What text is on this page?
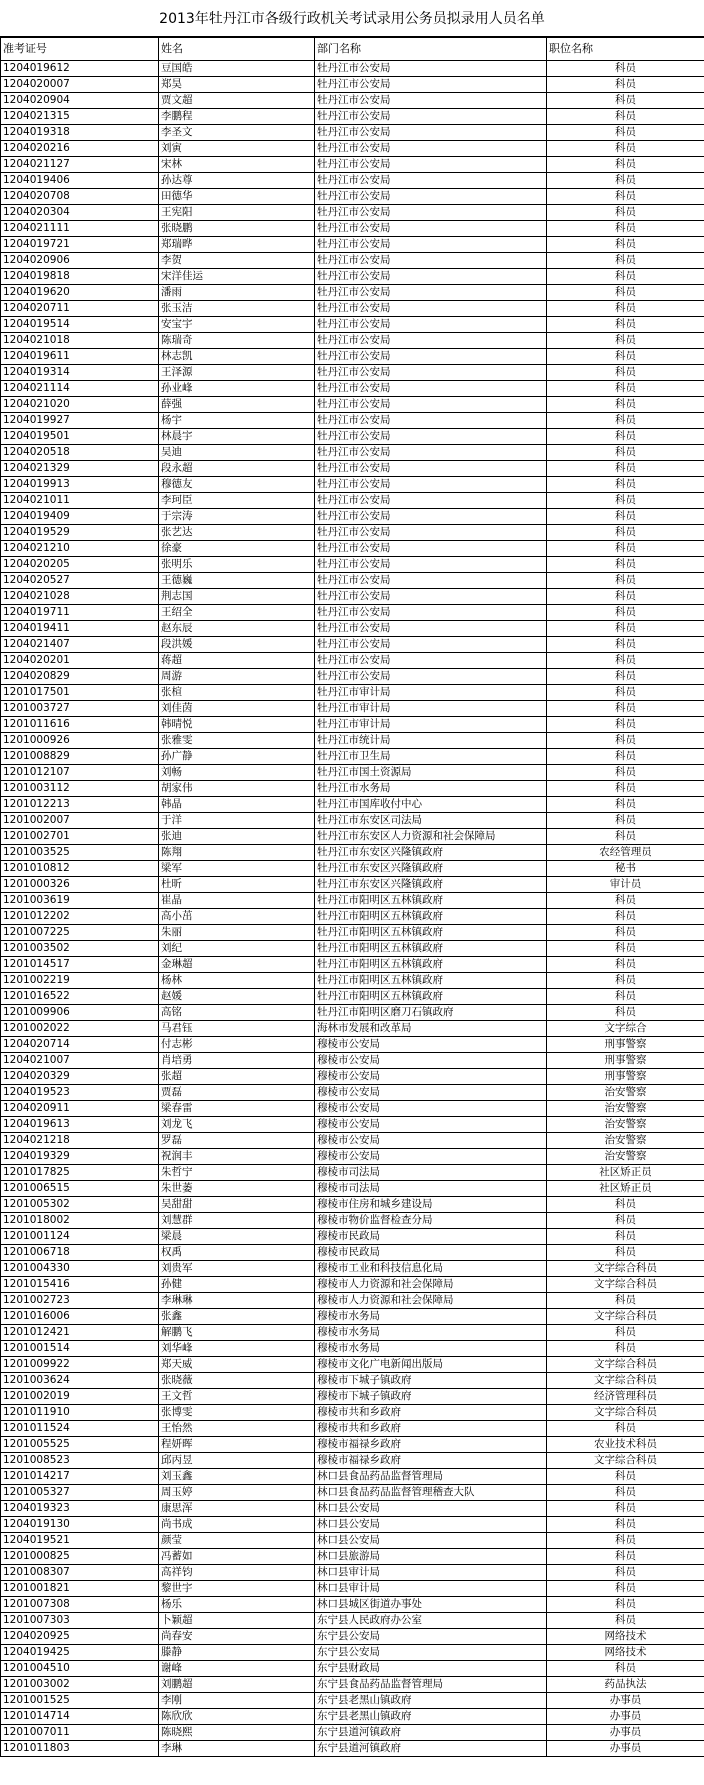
2013年牡丹江市各级行政机关考试录用公务员拟录用人员名单
准考证号	姓名	部门名称	职位名称
1204019612	豆国皓	牡丹江市公安局	科员
1204020007	郑昊	牡丹江市公安局	科员
1204020904	贾文超	牡丹江市公安局	科员
1204021315	李鹏程	牡丹江市公安局	科员
1204019318	李圣文	牡丹江市公安局	科员
1204020216	刘寅	牡丹江市公安局	科员
1204021127	宋林	牡丹江市公安局	科员
1204019406	孙达尊	牡丹江市公安局	科员
1204020708	田德华	牡丹江市公安局	科员
1204020304	王宪阳	牡丹江市公安局	科员
1204021111	张晓鹏	牡丹江市公安局	科员
1204019721	郑瑞晔	牡丹江市公安局	科员
1204020906	李贺	牡丹江市公安局	科员
1204019818	宋洋佳运	牡丹江市公安局	科员
1204019620	潘雨	牡丹江市公安局	科员
1204020711	张玉洁	牡丹江市公安局	科员
1204019514	安宝宇	牡丹江市公安局	科员
1204021018	陈瑞奇	牡丹江市公安局	科员
1204019611	林志凯	牡丹江市公安局	科员
1204019314	王泽源	牡丹江市公安局	科员
1204021114	孙业峰	牡丹江市公安局	科员
1204021020	薛强	牡丹江市公安局	科员
1204019927	杨宇	牡丹江市公安局	科员
1204019501	林晨宇	牡丹江市公安局	科员
1204020518	吴迪	牡丹江市公安局	科员
1204021329	段永超	牡丹江市公安局	科员
1204019913	穆德友	牡丹江市公安局	科员
1204021011	李珂臣	牡丹江市公安局	科员
1204019409	于宗涛	牡丹江市公安局	科员
1204019529	张艺达	牡丹江市公安局	科员
1204021210	徐豪	牡丹江市公安局	科员
1204020205	张明乐	牡丹江市公安局	科员
1204020527	王德巍	牡丹江市公安局	科员
1204021028	荆志国	牡丹江市公安局	科员
1204019711	王绍全	牡丹江市公安局	科员
1204019411	赵东辰	牡丹江市公安局	科员
1204021407	段洪媛	牡丹江市公安局	科员
1204020201	蒋超	牡丹江市公安局	科员
1204020829	周游	牡丹江市公安局	科员
1201017501	张楦	牡丹江市审计局	科员
1201003727	刘佳茵	牡丹江市审计局	科员
1201011616	韩晴悦	牡丹江市审计局	科员
1201000926	张雅雯	牡丹江市统计局	科员
1201008829	孙广静	牡丹江市卫生局	科员
1201012107	刘畅	牡丹江市国土资源局	科员
1201003112	胡家伟	牡丹江市水务局	科员
1201012213	韩晶	牡丹江市国库收付中心	科员
1201002007	于洋	牡丹江市东安区司法局	科员
1201002701	张迪	牡丹江市东安区人力资源和社会保障局	科员
1201003525	陈翔	牡丹江市东安区兴隆镇政府	农经管理员
1201010812	梁军	牡丹江市东安区兴隆镇政府	秘书
1201000326	杜昕	牡丹江市东安区兴隆镇政府	审计员
1201003619	崔晶	牡丹江市阳明区五林镇政府	科员
1201012202	高小茁	牡丹江市阳明区五林镇政府	科员
1201007225	朱丽	牡丹江市阳明区五林镇政府	科员
1201003502	刘纪	牡丹江市阳明区五林镇政府	科员
1201014517	金琳超	牡丹江市阳明区五林镇政府	科员
1201002219	杨林	牡丹江市阳明区五林镇政府	科员
1201016522	赵媛	牡丹江市阳明区五林镇政府	科员
1201009906	高铭	牡丹江市阳明区磨刀石镇政府	科员
1201002022	马君钰	海林市发展和改革局	文字综合
1204020714	付志彬	穆棱市公安局	刑事警察
1204021007	肖培勇	穆棱市公安局	刑事警察
1204020329	张超	穆棱市公安局	刑事警察
1204019523	贾磊	穆棱市公安局	治安警察
1204020911	梁春雷	穆棱市公安局	治安警察
1204019613	刘龙飞	穆棱市公安局	治安警察
1204021218	罗磊	穆棱市公安局	治安警察
1204019329	祝润丰	穆棱市公安局	治安警察
1201017825	朱哲宁	穆棱市司法局	社区矫正员
1201006515	朱世萎	穆棱市司法局	社区矫正员
1201005302	吴甜甜	穆棱市住房和城乡建设局	科员
1201018002	刘慧群	穆棱市物价监督检查分局	科员
1201001124	梁晨	穆棱市民政局	科员
1201006718	权禹	穆棱市民政局	科员
1201004330	刘贵军	穆棱市工业和科技信息化局	文字综合科员
1201015416	孙健	穆棱市人力资源和社会保障局	文字综合科员
1201002723	李琳琳	穆棱市人力资源和社会保障局	科员
1201016006	张鑫	穆棱市水务局	文字综合科员
1201012421	解鹏飞	穆棱市水务局	科员
1201001514	刘华峰	穆棱市水务局	科员
1201009922	郑天威	穆棱市文化广电新闻出版局	文字综合科员
1201003624	张晓薇	穆棱市下城子镇政府	文字综合科员
1201002019	王文哲	穆棱市下城子镇政府	经济管理科员
1201011910	张博雯	穆棱市共和乡政府	文字综合科员
1201011524	王怡然	穆棱市共和乡政府	科员
1201005525	程妍晖	穆棱市福禄乡政府	农业技术科员
1201008523	邱丙昱	穆棱市福禄乡政府	文字综合科员
1201014217	刘玉鑫	林口县食品药品监督管理局	科员
1201005327	周玉婷	林口县食品药品监督管理稽查大队	科员
1204019323	康思浑	林口县公安局	科员
1204019130	尚书成	林口县公安局	科员
1204019521	颜莹	林口县公安局	科员
1201000825	冯蓄如	林口县旅游局	科员
1201008307	高祥钧	林口县审计局	科员
1201001821	黎世宇	林口县审计局	科员
1201007308	杨乐	林口县城区街道办事处	科员
1201007303	卜颖超	东宁县人民政府办公室	科员
1204020925	尚春安	东宁县公安局	网络技术
1204019425	滕静	东宁县公安局	网络技术
1201004510	谢峰	东宁县财政局	科员
1201003002	刘鹏超	东宁县食品药品监督管理局	药品执法
1201001525	李刚	东宁县老黑山镇政府	办事员
1201014714	陈欣欣	东宁县老黑山镇政府	办事员
1201007011	陈晓熙	东宁县道河镇政府	办事员
1201011803	李琳	东宁县道河镇政府	办事员
